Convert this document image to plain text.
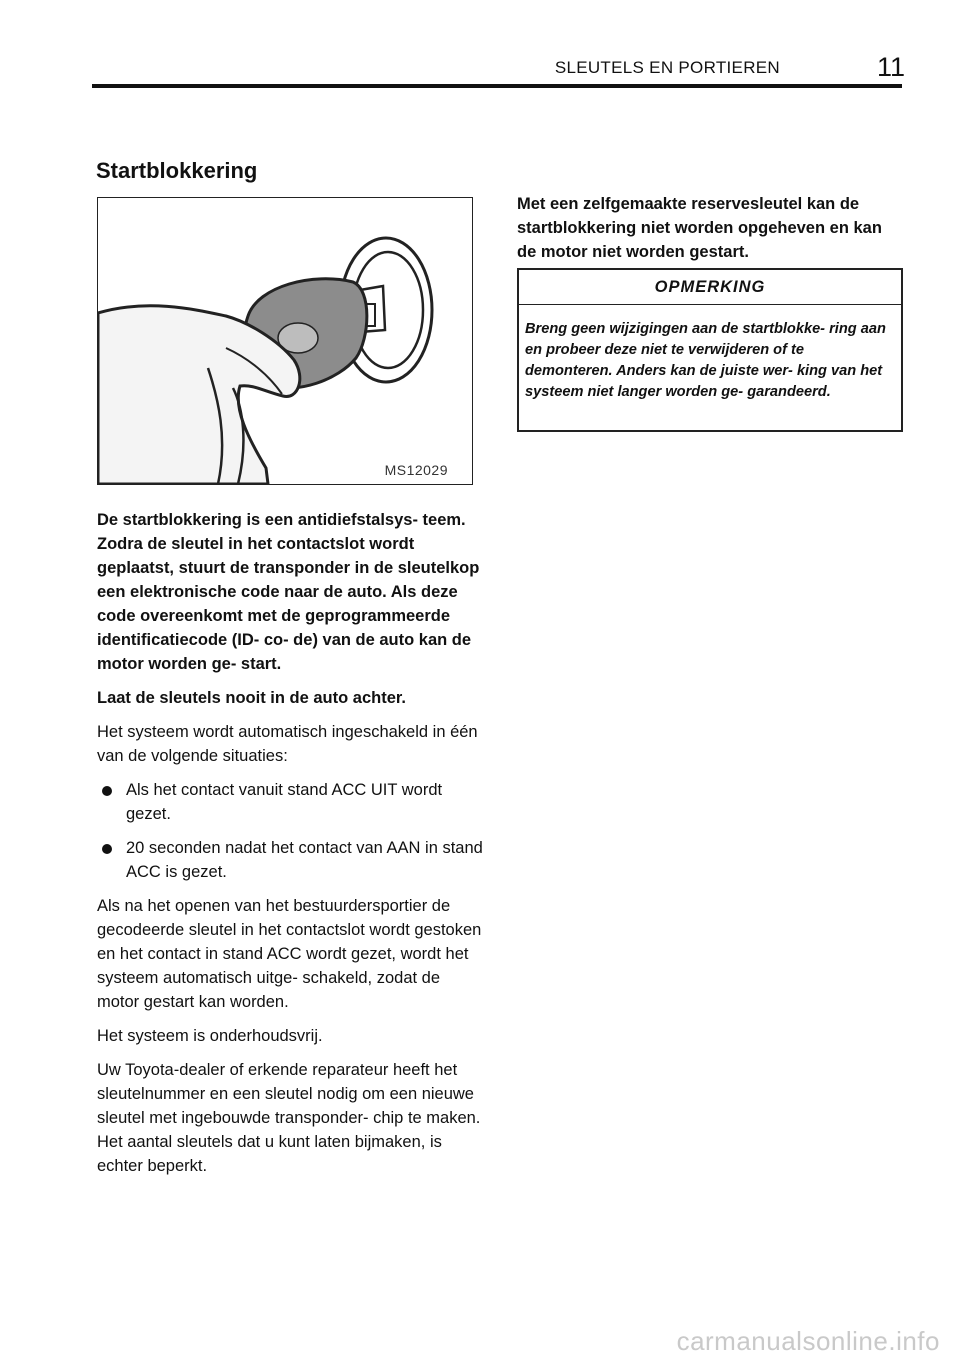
SLEUTELS EN PORTIEREN	11
Startblokkering
MS12029

De startblokkering is een antidiefstalsys- teem. Zodra de sleutel in het contactslot wordt geplaatst, stuurt de transponder in de sleutelkop een elektronische code naar de auto. Als deze code overeenkomt met de geprogrammeerde identificatiecode (ID- co- de) van de auto kan de motor worden ge- start.

Laat de sleutels nooit in de auto achter.

Het systeem wordt automatisch ingeschakeld in één van de volgende situaties:

Als het contact vanuit stand ACC UIT wordt gezet.
20 seconden nadat het contact van AAN in stand ACC is gezet.

Als na het openen van het bestuurdersportier de gecodeerde sleutel in het contactslot wordt gestoken en het contact in stand ACC wordt gezet, wordt het systeem automatisch uitge- schakeld, zodat de motor gestart kan worden.

Het systeem is onderhoudsvrij.

Uw Toyota-dealer of erkende reparateur heeft het sleutelnummer en een sleutel nodig om een nieuwe sleutel met ingebouwde transponder- chip te maken. Het aantal sleutels dat u kunt laten bijmaken, is echter beperkt.

Met een zelfgemaakte reservesleutel kan de startblokkering niet worden opgeheven en kan de motor niet worden gestart.

OPMERKING

Breng geen wijzigingen aan de startblokke- ring aan en probeer deze niet te verwijderen of te demonteren. Anders kan de juiste wer- king van het systeem niet langer worden ge- garandeerd.

carmanualsonline.info
